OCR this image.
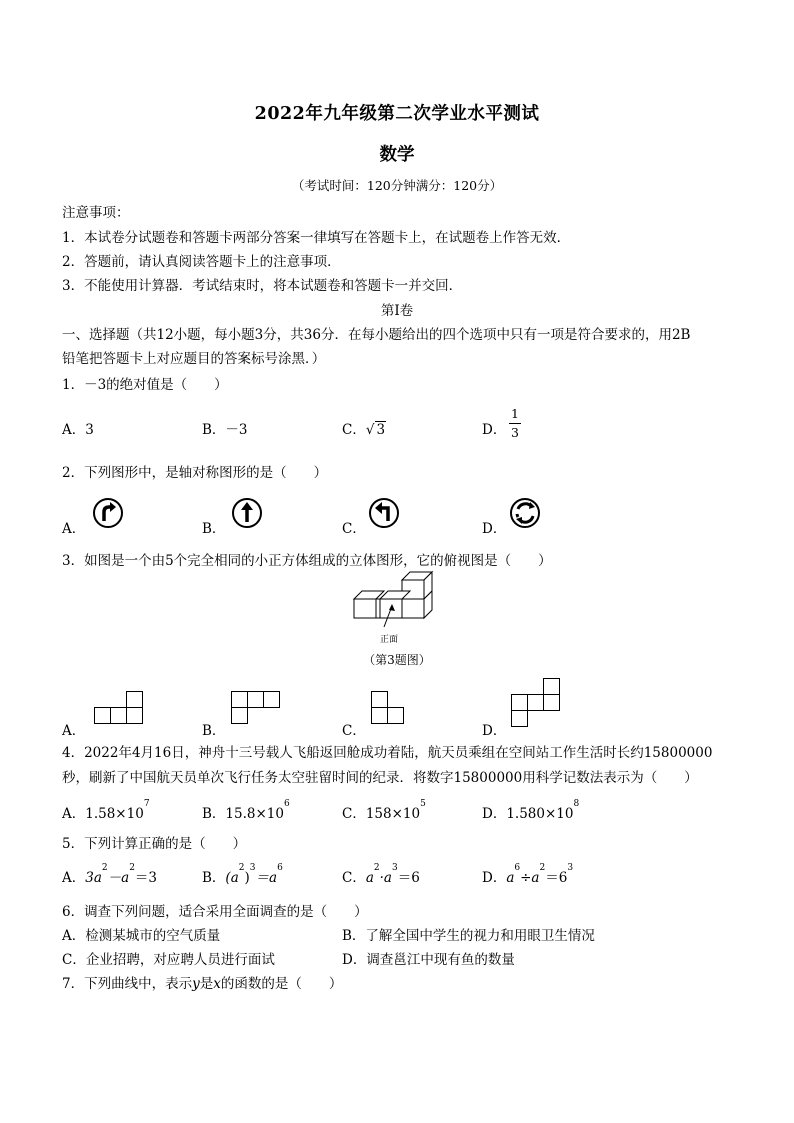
2022年九年级第二次学业水平测试
数学
（考试时间：120分钟满分：120分）
注意事项：
1．本试卷分试题卷和答题卡两部分答案一律填写在答题卡上，在试题卷上作答无效．
2．答题前，请认真阅读答题卡上的注意事项．
3．不能使用计算器．考试结束时，将本试题卷和答题卡一并交回．
第Ⅰ卷
一、选择题（共12小题，每小题3分，共36分．在每小题给出的四个选项中只有一项是符合要求的，用2B
铅笔把答题卡上对应题目的答案标号涂黑．）
1．－3的绝对值是（　　）
A．3	B．－3	C．√ 3	D． $\frac{1}{3}$
2．下列图形中，是轴对称图形的是（　　）
A．	B．	C．	D．
3．如图是一个由5个完全相同的小正方体组成的立体图形，它的俯视图是（　　）
正面
（第3题图）
A．	B．	C．	D．
4．2022年4月16日，神舟十三号载人飞船返回舱成功着陆，航天员乘组在空间站工作生活时长约15800000
秒，刷新了中国航天员单次飞行任务太空驻留时间的纪录．将数字15800000用科学记数法表示为（　　）
A．$1.58\times 10^7$
B．$15.8\times 10^6$
C．$158\times 10^5$
D．$1.580\times 10^8$
5．下列计算正确的是（　　）
A．$3a^2-a^2=3$	B．$(a^2)^3=a^6$
C．$a^2\cdot a^3=6$	D．$a^6\div a^2=6^3$
6．调查下列问题，适合采用全面调查的是（　　）
A．检测某城市的空气质量	B．了解全国中学生的视力和用眼卫生情况
C．企业招聘，对应聘人员进行面试	D．调查邕江中现有鱼的数量
7．下列曲线中，表示y是x的函数的是（　　）
